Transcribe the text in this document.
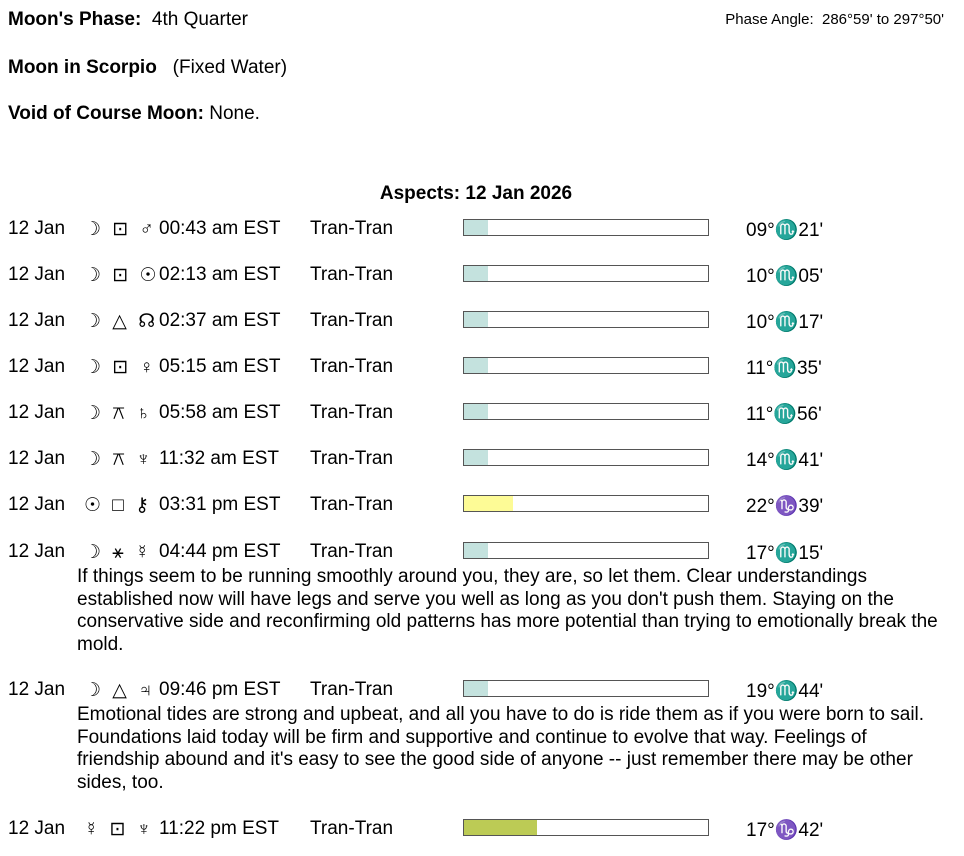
Moon's Phase: 4th Quarter	Phase Angle: 286°59' to 297°50'
Moon in Scorpio (Fixed Water)
Void of Course Moon: None.
Aspects: 12 Jan 2026
12 Jan ☽ ⊡ ♂ 00:43 am EST Tran-Tran	09°♏21'
12 Jan ☽ ⊡ ☉ 02:13 am EST Tran-Tran	10°♏05'
12 Jan ☽ △ ☊ 02:37 am EST Tran-Tran	10°♏17'
12 Jan ☽ ⊡ ♀ 05:15 am EST Tran-Tran	11°♏35'
12 Jan ☽ ⚻ ♄ 05:58 am EST Tran-Tran	11°♏56'
12 Jan ☽ ⚻ ♆ 11:32 am EST Tran-Tran	14°♏41'
12 Jan ☉ □ ⚷ 03:31 pm EST Tran-Tran	22°♑39'
12 Jan ☽ ⚹ ☿ 04:44 pm EST Tran-Tran	17°♏15'
If things seem to be running smoothly around you, they are, so let them. Clear understandings established now will have legs and serve you well as long as you don't push them. Staying on the conservative side and reconfirming old patterns has more potential than trying to emotionally break the mold.
12 Jan ☽ △ ♃ 09:46 pm EST Tran-Tran	19°♏44'
Emotional tides are strong and upbeat, and all you have to do is ride them as if you were born to sail. Foundations laid today will be firm and supportive and continue to evolve that way. Feelings of friendship abound and it's easy to see the good side of anyone -- just remember there may be other sides, too.
12 Jan ☿ ⊡ ♆ 11:22 pm EST Tran-Tran	17°♑42'
